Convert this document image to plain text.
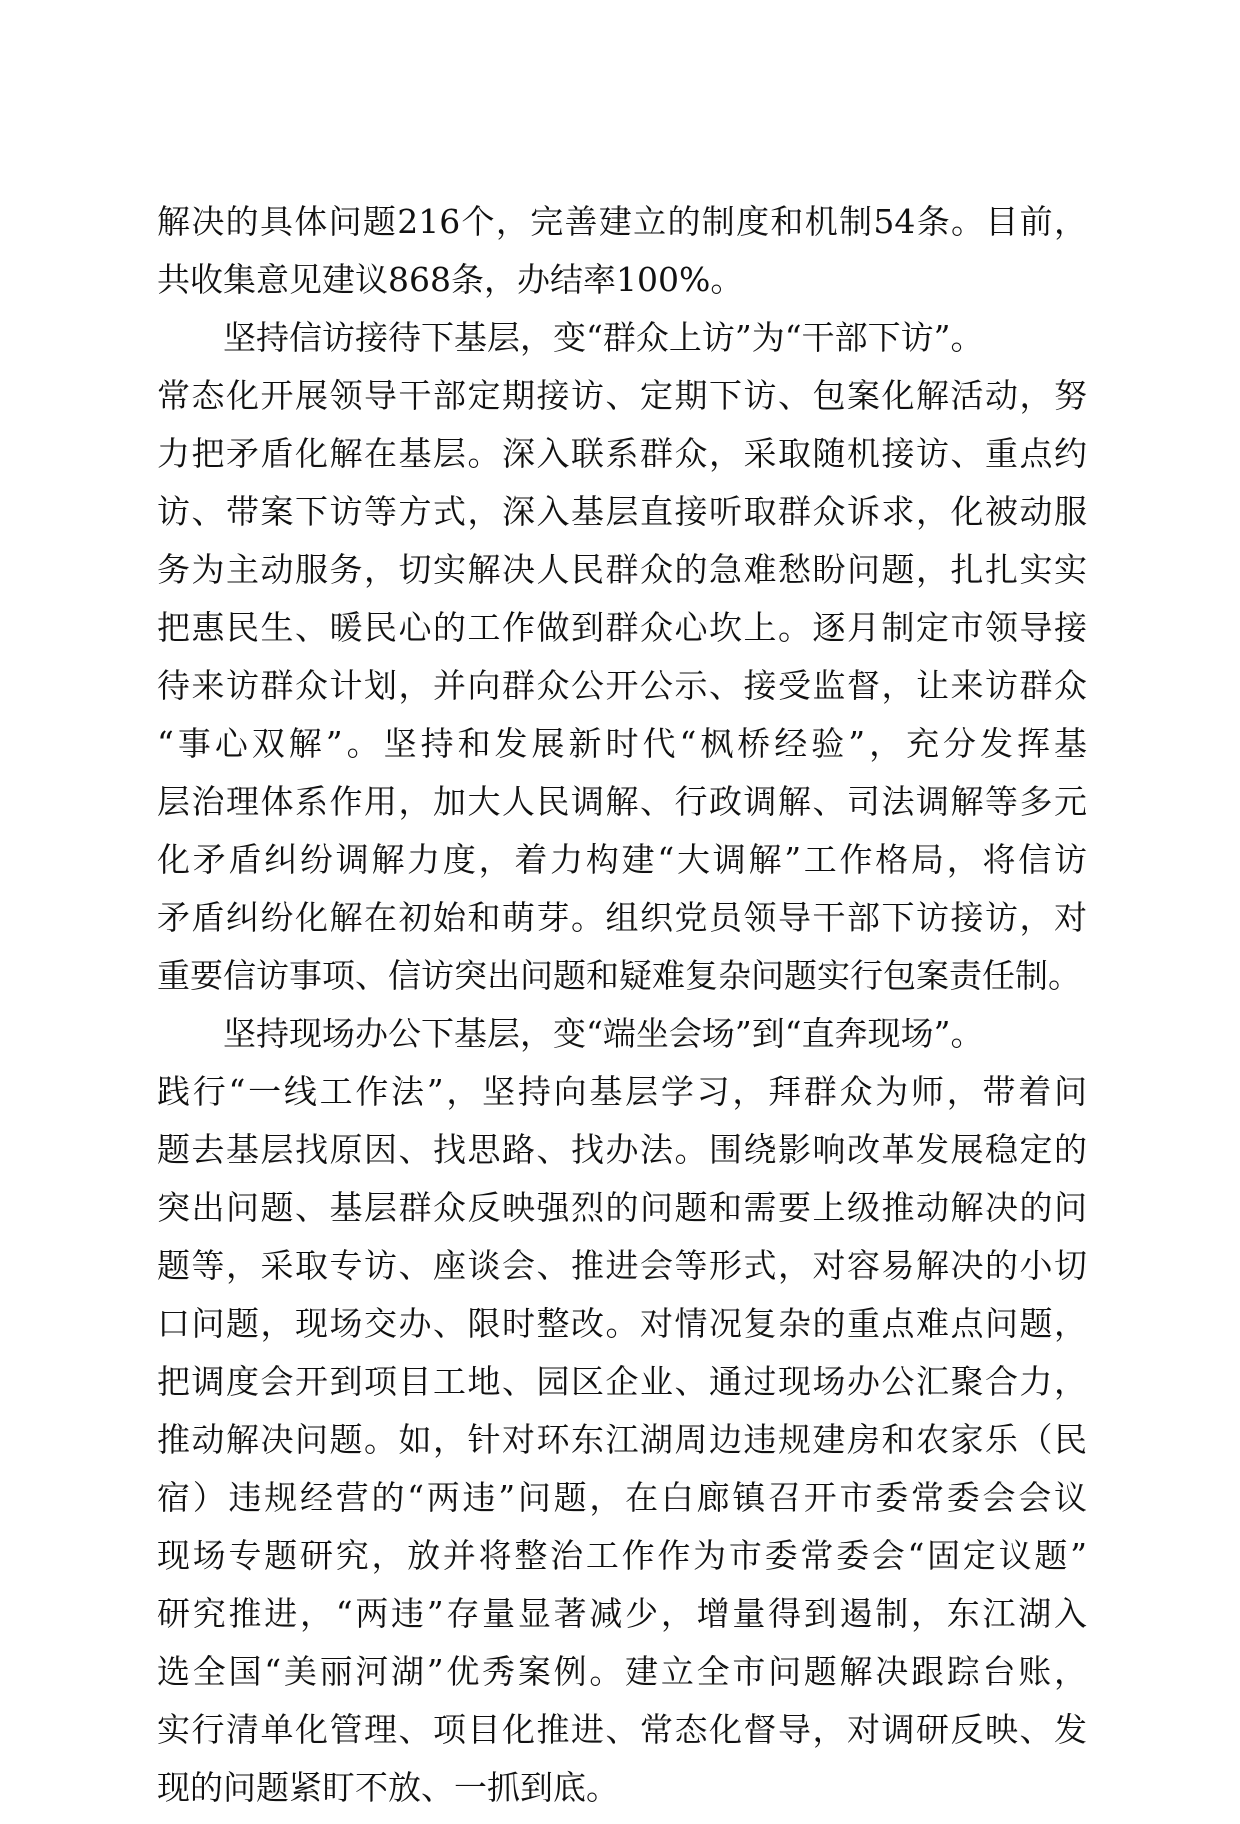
解决的具体问题216个，完善建立的制度和机制54条。目前，
共收集意见建议868条，办结率100%。
坚持信访接待下基层，变“群众上访”为“干部下访”。
常态化开展领导干部定期接访、定期下访、包案化解活动，努
力把矛盾化解在基层。深入联系群众，采取随机接访、重点约
访、带案下访等方式，深入基层直接听取群众诉求，化被动服
务为主动服务，切实解决人民群众的急难愁盼问题，扎扎实实
把惠民生、暖民心的工作做到群众心坎上。逐月制定市领导接
待来访群众计划，并向群众公开公示、接受监督，让来访群众
“事心双解”。坚持和发展新时代“枫桥经验”，充分发挥基
层治理体系作用，加大人民调解、行政调解、司法调解等多元
化矛盾纠纷调解力度，着力构建“大调解”工作格局，将信访
矛盾纠纷化解在初始和萌芽。组织党员领导干部下访接访，对
重要信访事项、信访突出问题和疑难复杂问题实行包案责任制。
坚持现场办公下基层，变“端坐会场”到“直奔现场”。
践行“一线工作法”，坚持向基层学习，拜群众为师，带着问
题去基层找原因、找思路、找办法。围绕影响改革发展稳定的
突出问题、基层群众反映强烈的问题和需要上级推动解决的问
题等，采取专访、座谈会、推进会等形式，对容易解决的小切
口问题，现场交办、限时整改。对情况复杂的重点难点问题，
把调度会开到项目工地、园区企业、通过现场办公汇聚合力，
推动解决问题。如，针对环东江湖周边违规建房和农家乐（民
宿）违规经营的“两违”问题，在白廊镇召开市委常委会会议
现场专题研究，放并将整治工作作为市委常委会“固定议题”
研究推进，“两违”存量显著减少，增量得到遏制，东江湖入
选全国“美丽河湖”优秀案例。建立全市问题解决跟踪台账，
实行清单化管理、项目化推进、常态化督导，对调研反映、发
现的问题紧盯不放、一抓到底。
